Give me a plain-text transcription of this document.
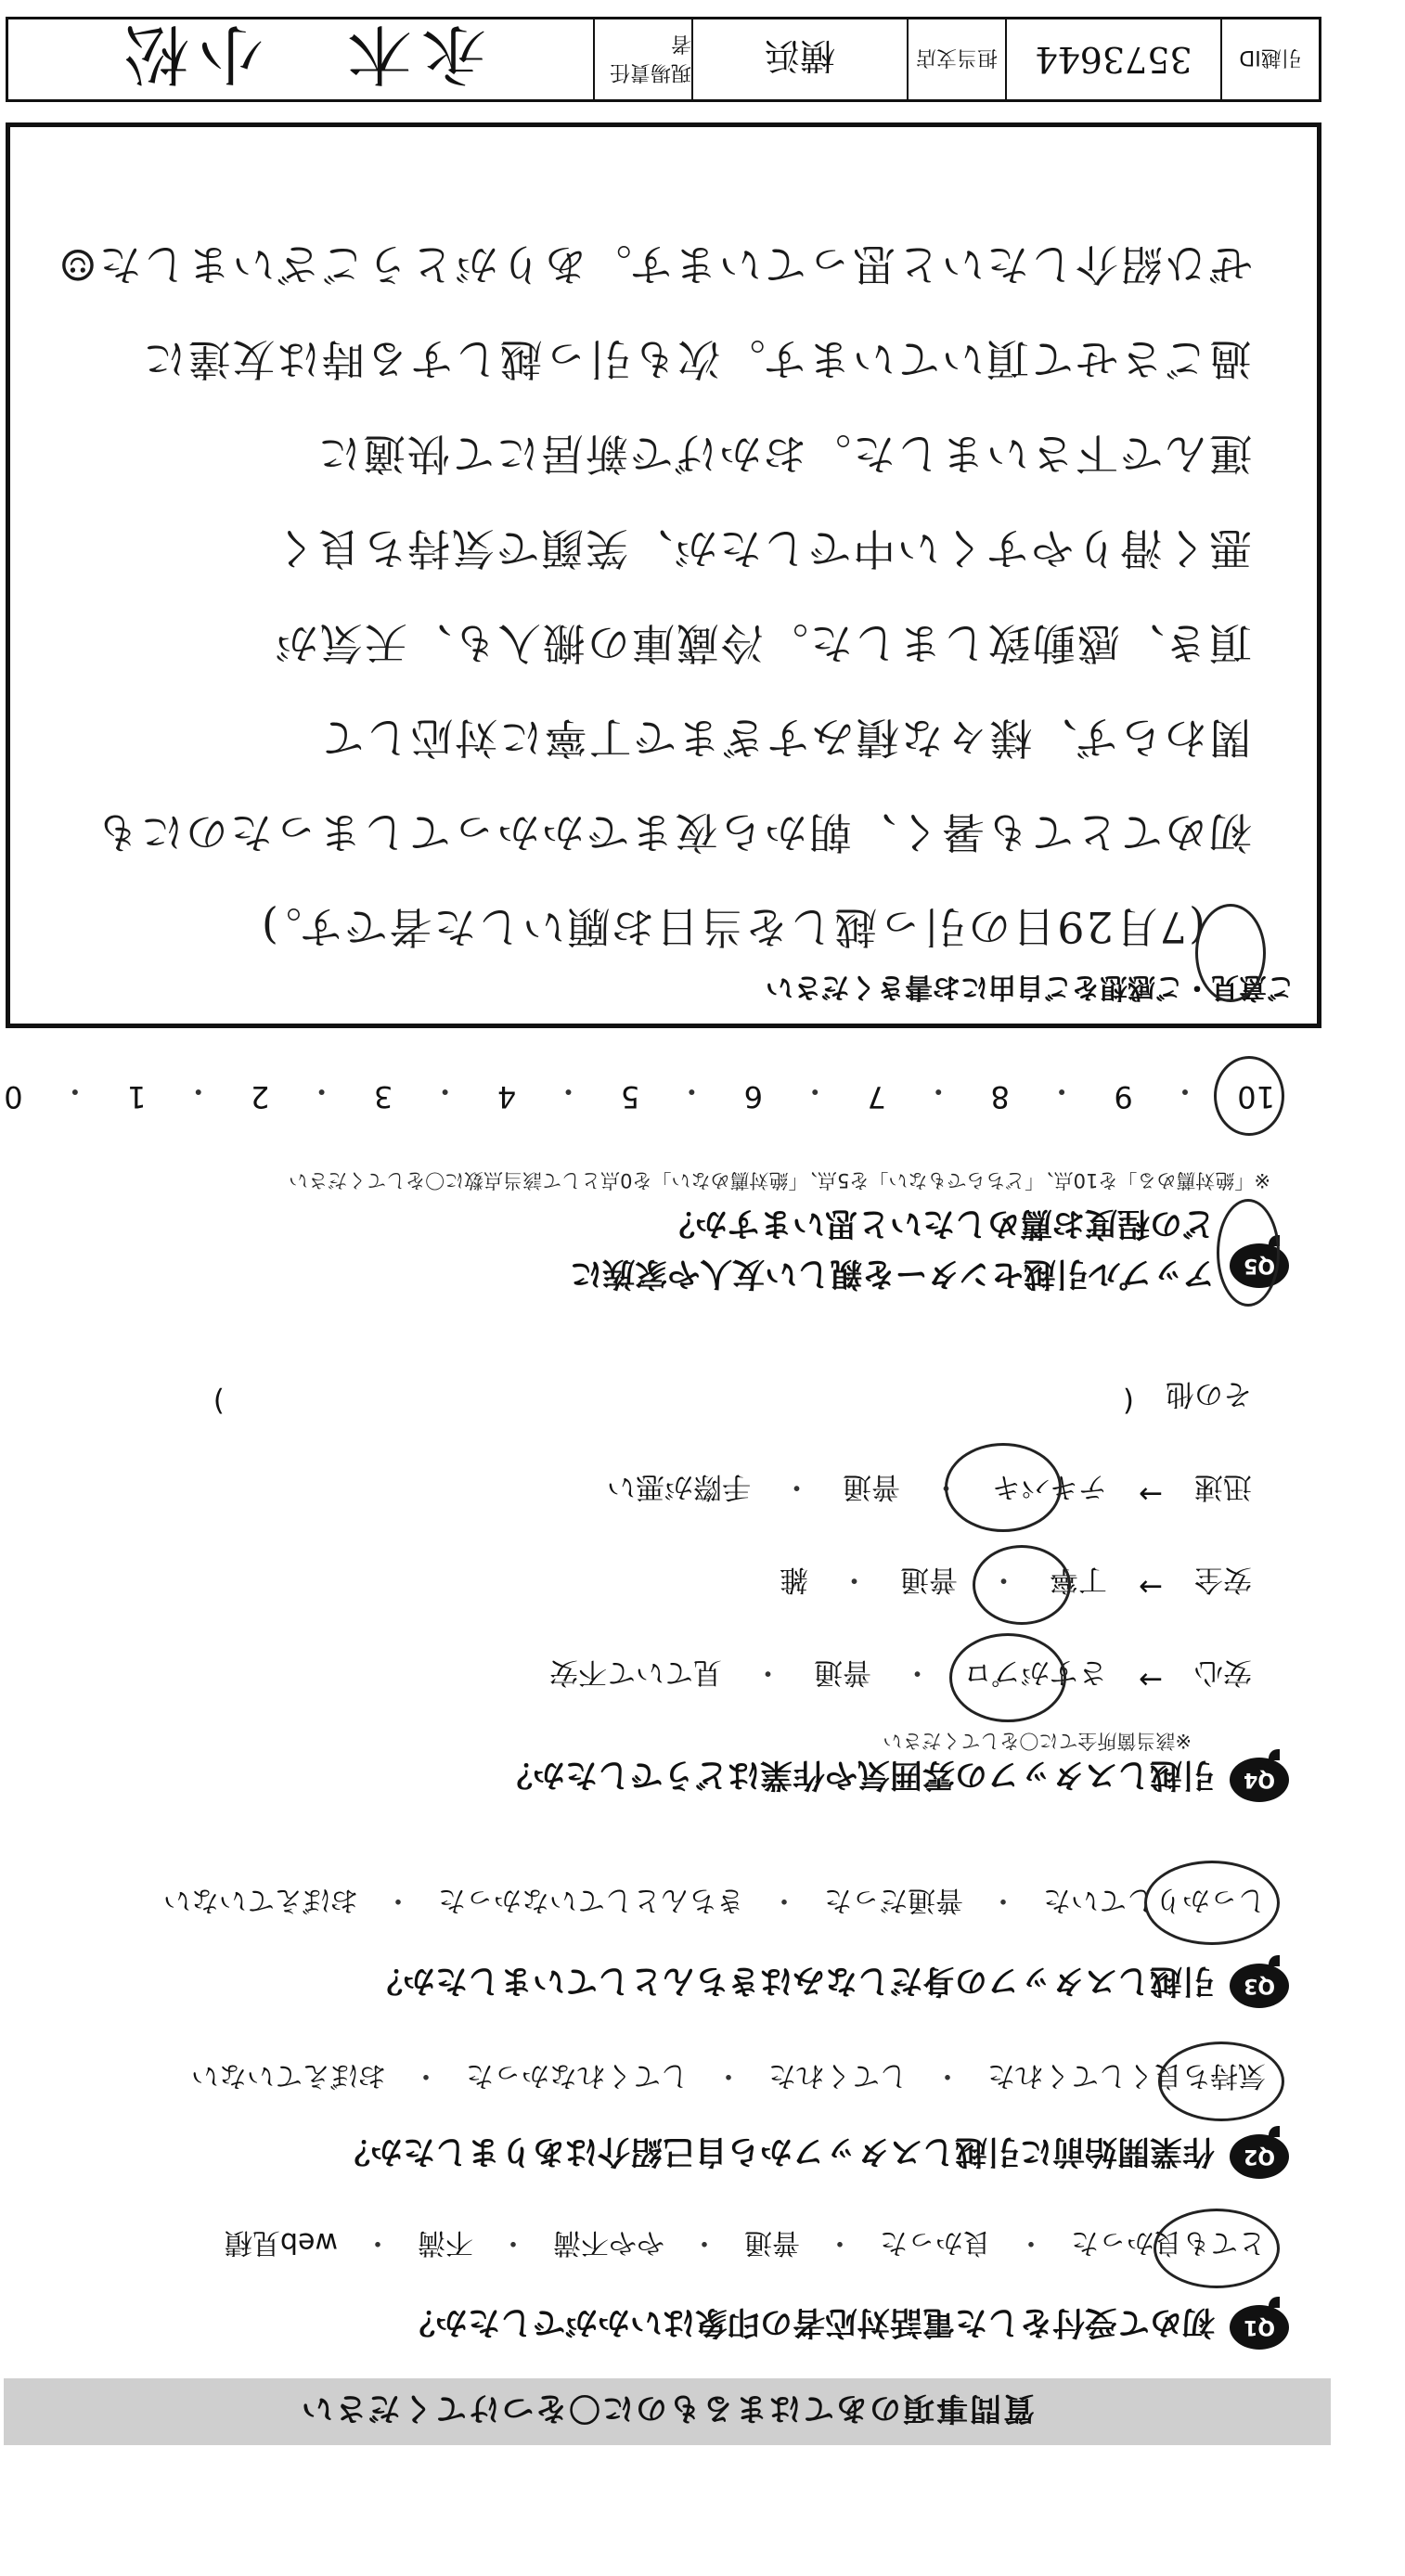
質問事項のあてはまるものに〇をつけてください
Q1
初めて受付をした電話対応者の印象はいかがでしたか？
とても良かった
・
良かった
・
普通
・
やや不満
・
不満
・
web見積
Q2
作業開始前に引越しスタッフから自己紹介はありましたか？
気持ち良くしてくれた
・
してくれた
・
してくれなかった
・
おぼえていない
Q3
引越しスタッフの身だしなみはきちんとしていましたか？
しっかりしていた
・
普通だった
・
きちんとしていなかった
・
おぼえていない
Q4
引越しスタッフの雰囲気や作業はどうでしたか？
※該当箇所全てに〇をしてください
安心
→
さすがプロ
・
普通
・
見ていて不安
安全
→
丁寧
・
普通
・
雑
迅速
→
テキパキ
・
普通
・
手際が悪い
その他
(
)
Q5
アップル引越センターを親しい友人や家族に
どの程度お薦めしたいと思いますか？
※「絶対薦める」を10点、「どちらでもない」を5点、「絶対薦めない」を0点として該当点数に〇をしてください
10
・
9
・
8
・
7
・
6
・
5
・
4
・
3
・
2
・
1
・
0
ご意見・ご感想をご自由にお書きください
(7月29日の引っ越しを当日お願いした者です。)
初めてとても暑く、朝から夜までかかってしまったのにも
関わらず、様々な積みすぎまで丁寧に対応して
頂き、感動致しました。冷蔵庫の搬入も、天気が
悪く滑りやすくい中でしたが、笑顔で気持ち良く
運んで下さいました。おかげで新居にて快適に
過ごさせて頂いています。次も引っ越しする時は友達に
ぜひ紹介したいと思っています。ありがとうございました☺
引越ID
3573644
担当支店
横浜
現場責任者
永木　小松
